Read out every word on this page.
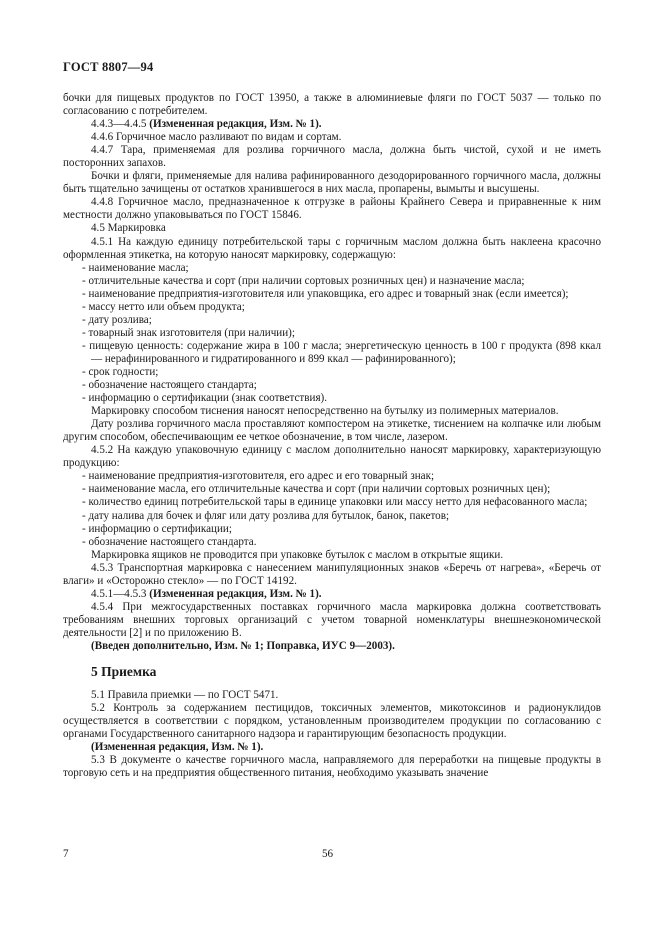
ГОСТ 8807—94

бочки для пищевых продуктов по ГОСТ 13950, а также в алюминиевые фляги по ГОСТ 5037 — только по согласованию с потребителем.

4.4.3—4.4.5 (Измененная редакция, Изм. № 1).

4.4.6 Горчичное масло разливают по видам и сортам.

4.4.7 Тара, применяемая для розлива горчичного масла, должна быть чистой, сухой и не иметь посторонних запахов.

Бочки и фляги, применяемые для налива рафинированного дезодорированного горчичного масла, должны быть тщательно зачищены от остатков хранившегося в них масла, пропарены, вымыты и высушены.

4.4.8 Горчичное масло, предназначенное к отгрузке в районы Крайнего Севера и приравненные к ним местности должно упаковываться по ГОСТ 15846.

4.5 Маркировка

4.5.1 На каждую единицу потребительской тары с горчичным маслом должна быть наклеена красочно оформленная этикетка, на которую наносят маркировку, содержащую:

- наименование масла;

- отличительные качества и сорт (при наличии сортовых розничных цен) и назначение масла;

- наименование предприятия-изготовителя или упаковщика, его адрес и товарный знак (если имеется);

- массу нетто или объем продукта;

- дату розлива;

- товарный знак изготовителя (при наличии);

- пищевую ценность: содержание жира в 100 г масла; энергетическую ценность в 100 г продукта (898 ккал — нерафинированного и гидратированного и 899 ккал — рафинированного);

- срок годности;

- обозначение настоящего стандарта;

- информацию о сертификации (знак соответствия).

Маркировку способом тиснения наносят непосредственно на бутылку из полимерных материалов.

Дату розлива горчичного масла проставляют компостером на этикетке, тиснением на колпачке или любым другим способом, обеспечивающим ее четкое обозначение, в том числе, лазером.

4.5.2 На каждую упаковочную единицу с маслом дополнительно наносят маркировку, характеризующую продукцию:

- наименование предприятия-изготовителя, его адрес и его товарный знак;

- наименование масла, его отличительные качества и сорт (при наличии сортовых розничных цен);

- количество единиц потребительской тары в единице упаковки или массу нетто для нефасованного масла;

- дату налива для бочек и фляг или дату розлива для бутылок, банок, пакетов;

- информацию о сертификации;

- обозначение настоящего стандарта.

Маркировка ящиков не проводится при упаковке бутылок с маслом в открытые ящики.

4.5.3 Транспортная маркировка с нанесением манипуляционных знаков «Беречь от нагрева», «Беречь от влаги» и «Осторожно стекло» — по ГОСТ 14192.

4.5.1—4.5.3 (Измененная редакция, Изм. № 1).

4.5.4 При межгосударственных поставках горчичного масла маркировка должна соответствовать требованиям внешних торговых организаций с учетом товарной номенклатуры внешнеэкономической деятельности [2] и по приложению В.

(Введен дополнительно, Изм. № 1; Поправка, ИУС 9—2003).

5 Приемка

5.1 Правила приемки — по ГОСТ 5471.

5.2 Контроль за содержанием пестицидов, токсичных элементов, микотоксинов и радионуклидов осуществляется в соответствии с порядком, установленным производителем продукции по согласованию с органами Государственного санитарного надзора и гарантирующим безопасность продукции.

(Измененная редакция, Изм. № 1).

5.3 В документе о качестве горчичного масла, направляемого для переработки на пищевые продукты в торговую сеть и на предприятия общественного питания, необходимо указывать значение

7	56
